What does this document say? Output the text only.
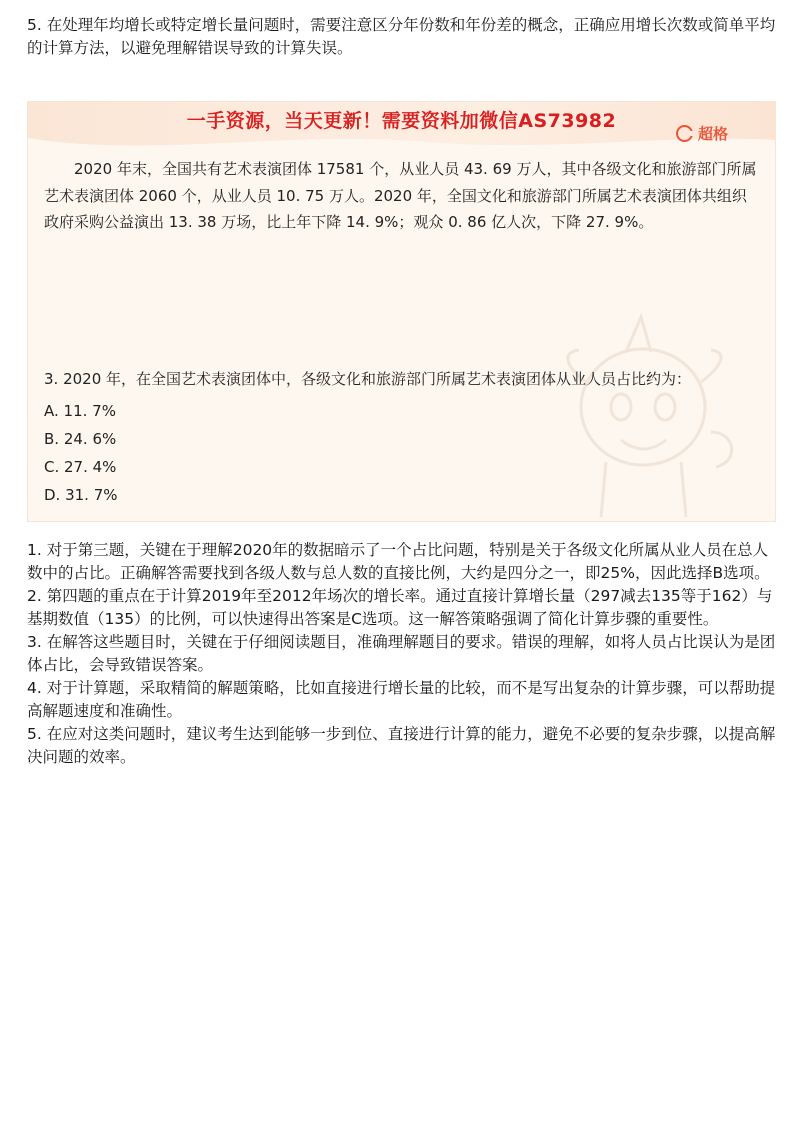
5. 在处理年均增长或特定增长量问题时，需要注意区分年份数和年份差的概念，正确应用增长次数或简单平均的计算方法，以避免理解错误导致的计算失误。

一手资源，当天更新！需要资料加微信AS73982
超格

2020 年末，全国共有艺术表演团体 17581 个，从业人员 43. 69 万人，其中各级文化和旅游部门所属艺术表演团体 2060 个，从业人员 10. 75 万人。2020 年，全国文化和旅游部门所属艺术表演团体共组织政府采购公益演出 13. 38 万场，比上年下降 14. 9%；观众 0. 86 亿人次，下降 27. 9%。

3. 2020 年，在全国艺术表演团体中，各级文化和旅游部门所属艺术表演团体从业人员占比约为：

A. 11. 7%
B. 24. 6%
C. 27. 4%
D. 31. 7%

1. 对于第三题，关键在于理解2020年的数据暗示了一个占比问题，特别是关于各级文化所属从业人员在总人数中的占比。正确解答需要找到各级人数与总人数的直接比例，大约是四分之一，即25%，因此选择B选项。

2. 第四题的重点在于计算2019年至2012年场次的增长率。通过直接计算增长量（297减去135等于162）与基期数值（135）的比例，可以快速得出答案是C选项。这一解答策略强调了简化计算步骤的重要性。

3. 在解答这些题目时，关键在于仔细阅读题目，准确理解题目的要求。错误的理解，如将人员占比误认为是团体占比，会导致错误答案。

4. 对于计算题，采取精简的解题策略，比如直接进行增长量的比较，而不是写出复杂的计算步骤，可以帮助提高解题速度和准确性。

5. 在应对这类问题时，建议考生达到能够一步到位、直接进行计算的能力，避免不必要的复杂步骤，以提高解决问题的效率。
